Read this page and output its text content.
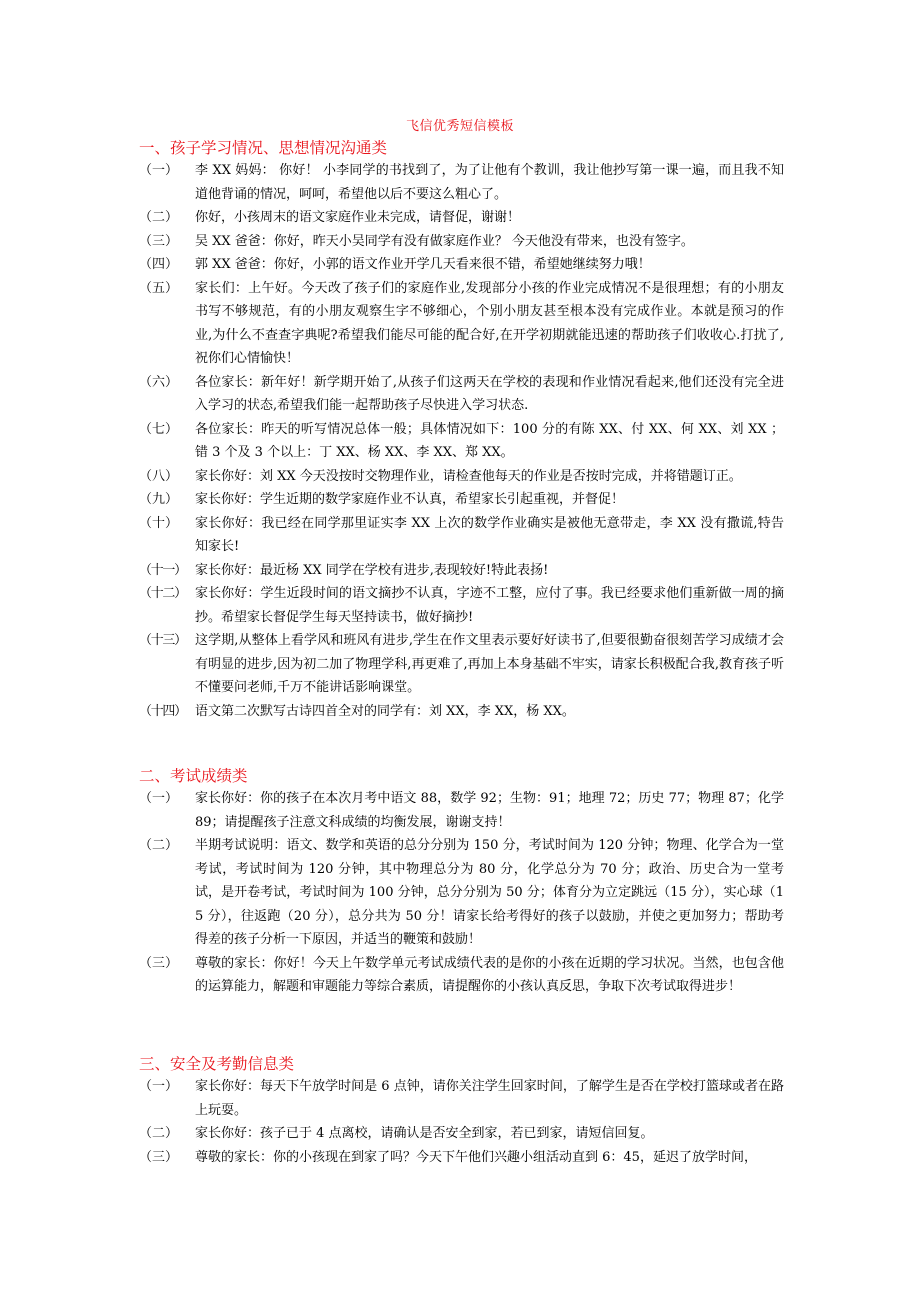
飞信优秀短信模板
一、孩子学习情况、思想情况沟通类
（一）	李 XX 妈妈： 你好！ 小李同学的书找到了，为了让他有个教训，我让他抄写第一课一遍，而且我不知道他背诵的情况，呵呵，希望他以后不要这么粗心了。
（二）	你好，小孩周末的语文家庭作业未完成，请督促，谢谢！
（三）	吴 XX 爸爸：你好，昨天小吴同学有没有做家庭作业？ 今天他没有带来，也没有签字。
（四）	郭 XX 爸爸：你好，小郭的语文作业开学几天看来很不错，希望她继续努力哦！
（五）	家长们：上午好。今天改了孩子们的家庭作业,发现部分小孩的作业完成情况不是很理想；有的小朋友书写不够规范，有的小朋友观察生字不够细心，个别小朋友甚至根本没有完成作业。本就是预习的作业,为什么不查查字典呢?希望我们能尽可能的配合好,在开学初期就能迅速的帮助孩子们收收心.打扰了,祝你们心情愉快！
（六）	各位家长：新年好！新学期开始了,从孩子们这两天在学校的表现和作业情况看起来,他们还没有完全进入学习的状态,希望我们能一起帮助孩子尽快进入学习状态.
（七）	各位家长：昨天的听写情况总体一般；具体情况如下：100 分的有陈 XX、付 XX、何 XX、刘 XX ；错 3 个及 3 个以上：丁 XX、杨 XX、李 XX、郑 XX。
（八）	家长你好：刘 XX 今天没按时交物理作业，请检查他每天的作业是否按时完成，并将错题订正。
（九）	家长你好：学生近期的数学家庭作业不认真，希望家长引起重视，并督促！
（十）	家长你好：我已经在同学那里证实李 XX 上次的数学作业确实是被他无意带走，李 XX 没有撒谎,特告知家长!
（十一） 家长你好：最近杨 XX 同学在学校有进步,表现较好!特此表扬!
（十二） 家长你好：学生近段时间的语文摘抄不认真，字迹不工整，应付了事。我已经要求他们重新做一周的摘抄。希望家长督促学生每天坚持读书，做好摘抄!
（十三） 这学期,从整体上看学风和班风有进步,学生在作文里表示要好好读书了,但要很勤奋很刻苦学习成绩才会有明显的进步,因为初二加了物理学科,再更难了,再加上本身基础不牢实，请家长积极配合我,教育孩子听不懂要问老师,千万不能讲话影响课堂。
（十四） 语文第二次默写古诗四首全对的同学有：刘 XX，李 XX，杨 XX。
二、考试成绩类
（一）	家长你好：你的孩子在本次月考中语文 88，数学 92；生物：91；地理 72；历史 77；物理 87；化学 89；请提醒孩子注意文科成绩的均衡发展，谢谢支持！
（二）	半期考试说明：语文、数学和英语的总分分别为 150 分，考试时间为 120 分钟；物理、化学合为一堂考试，考试时间为 120 分钟，其中物理总分为 80 分，化学总分为 70 分；政治、历史合为一堂考试，是开卷考试，考试时间为 100 分钟，总分分别为 50 分；体育分为立定跳远（15 分），实心球（15 分），往返跑（20 分），总分共为 50 分！请家长给考得好的孩子以鼓励，并使之更加努力；帮助考得差的孩子分析一下原因，并适当的鞭策和鼓励！
（三）	尊敬的家长：你好！今天上午数学单元考试成绩代表的是你的小孩在近期的学习状况。当然，也包含他的运算能力，解题和审题能力等综合素质，请提醒你的小孩认真反思，争取下次考试取得进步！
三、安全及考勤信息类
（一）	家长你好：每天下午放学时间是 6 点钟，请你关注学生回家时间，了解学生是否在学校打篮球或者在路上玩耍。
（二）	家长你好：孩子已于 4 点离校，请确认是否安全到家，若已到家，请短信回复。
（三）	尊敬的家长：你的小孩现在到家了吗？今天下午他们兴趣小组活动直到 6：45，延迟了放学时间，
